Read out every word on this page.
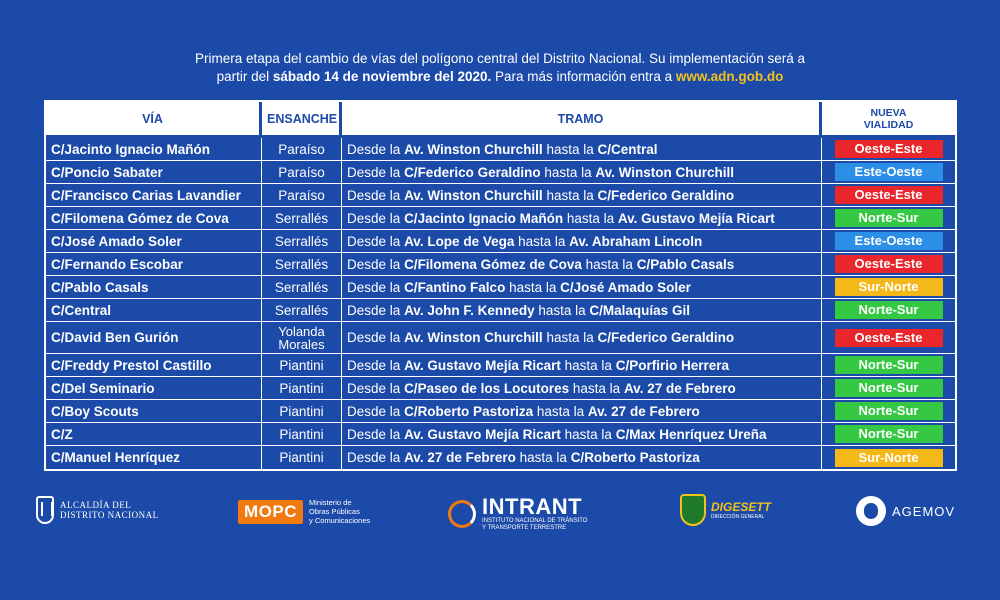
Primera etapa del cambio de vías del polígono central del Distrito Nacional. Su implementación será a
partir del sábado 14 de noviembre del 2020. Para más información entra a www.adn.gob.do
VÍA	ENSANCHE	TRAMO	NUEVA
VIALIDAD
C/Jacinto Ignacio Mañón	Paraíso	Desde la Av. Winston Churchill hasta la C/Central	Oeste-Este
C/Poncio Sabater	Paraíso	Desde la C/Federico Geraldino hasta la Av. Winston Churchill	Este-Oeste
C/Francisco Carias Lavandier	Paraíso	Desde la Av. Winston Churchill hasta la C/Federico Geraldino	Oeste-Este
C/Filomena Gómez de Cova	Serrallés	Desde la C/Jacinto Ignacio Mañón hasta la Av. Gustavo Mejía Ricart	Norte-Sur
C/José Amado Soler	Serrallés	Desde la Av. Lope de Vega hasta la Av. Abraham Lincoln	Este-Oeste
C/Fernando Escobar	Serrallés	Desde la C/Filomena Gómez de Cova hasta la C/Pablo Casals	Oeste-Este
C/Pablo Casals	Serrallés	Desde la C/Fantino Falco hasta la C/José Amado Soler	Sur-Norte
C/Central	Serrallés	Desde la Av. John F. Kennedy hasta la C/Malaquías Gil	Norte-Sur
C/David Ben Gurión	Yolanda
Morales	Desde la Av. Winston Churchill hasta la C/Federico Geraldino	Oeste-Este
C/Freddy Prestol Castillo	Piantini	Desde la Av. Gustavo Mejía Ricart hasta la C/Porfirio Herrera	Norte-Sur
C/Del Seminario	Piantini	Desde la C/Paseo de los Locutores hasta la Av. 27 de Febrero	Norte-Sur
C/Boy Scouts	Piantini	Desde la C/Roberto Pastoriza hasta la Av. 27 de Febrero	Norte-Sur
C/Z	Piantini	Desde la Av. Gustavo Mejía Ricart hasta la C/Max Henríquez Ureña	Norte-Sur
C/Manuel Henríquez	Piantini	Desde la Av. 27 de Febrero hasta la C/Roberto Pastoriza	Sur-Norte
ALCALDÍA DEL
DISTRITO NACIONAL	MOPC	Ministerio de
Obras Públicas
y Comunicaciones
INTRANT
INSTITUTO NACIONAL DE TRÁNSITO
Y TRANSPORTE TERRESTRE
DIGESETT
DIRECCIÓN GENERAL	AGEMOV
